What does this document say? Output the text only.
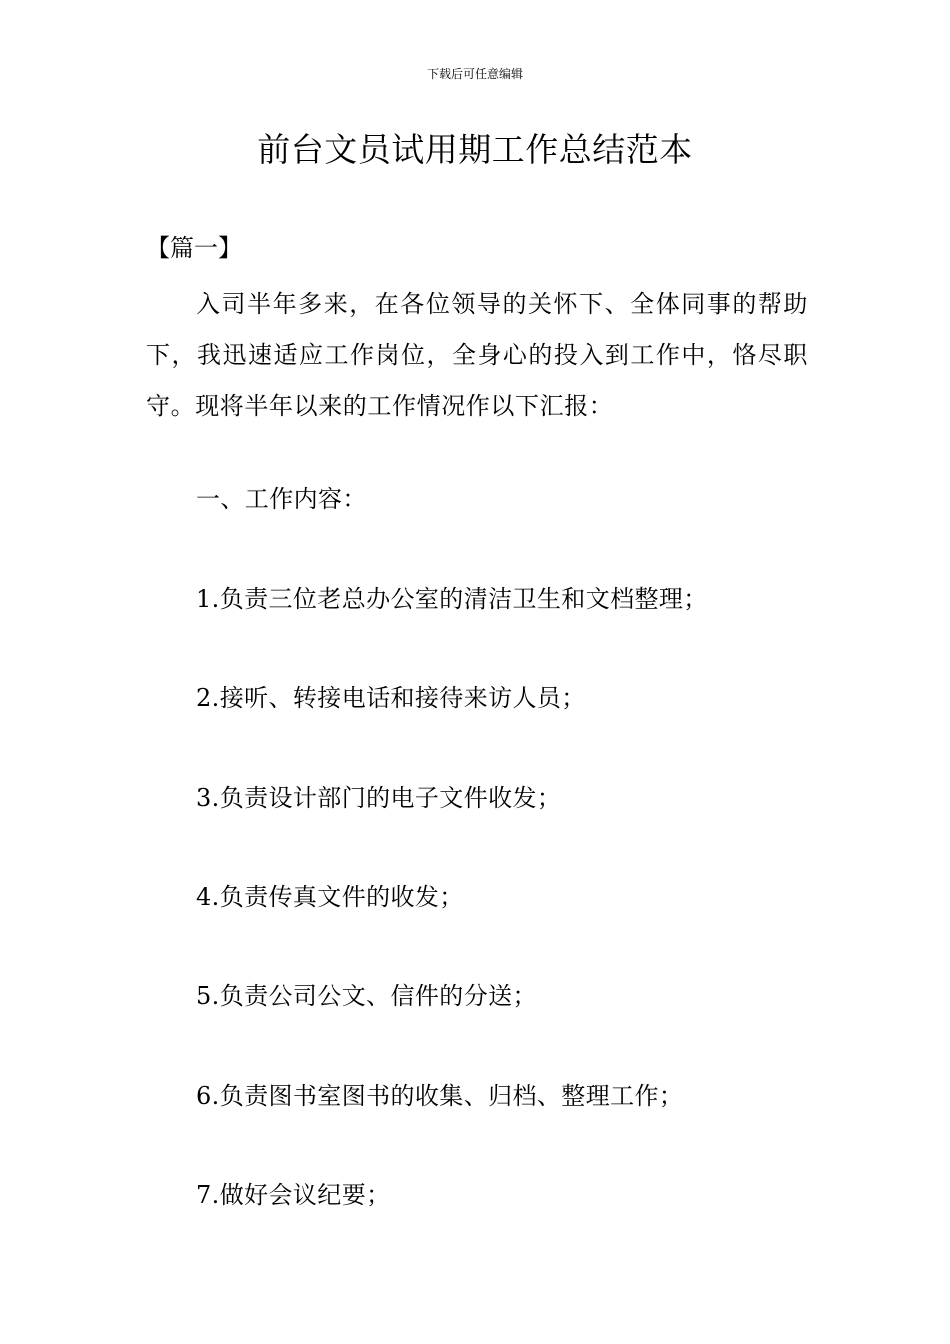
下载后可任意编辑
前台文员试用期工作总结范本
【篇一】

入司半年多来，在各位领导的关怀下、全体同事的帮助下，我迅速适应工作岗位，全身心的投入到工作中，恪尽职守。现将半年以来的工作情况作以下汇报：

一、工作内容：
1.负责三位老总办公室的清洁卫生和文档整理；
2.接听、转接电话和接待来访人员；
3.负责设计部门的电子文件收发；
4.负责传真文件的收发；
5.负责公司公文、信件的分送；
6.负责图书室图书的收集、归档、整理工作；
7.做好会议纪要；
